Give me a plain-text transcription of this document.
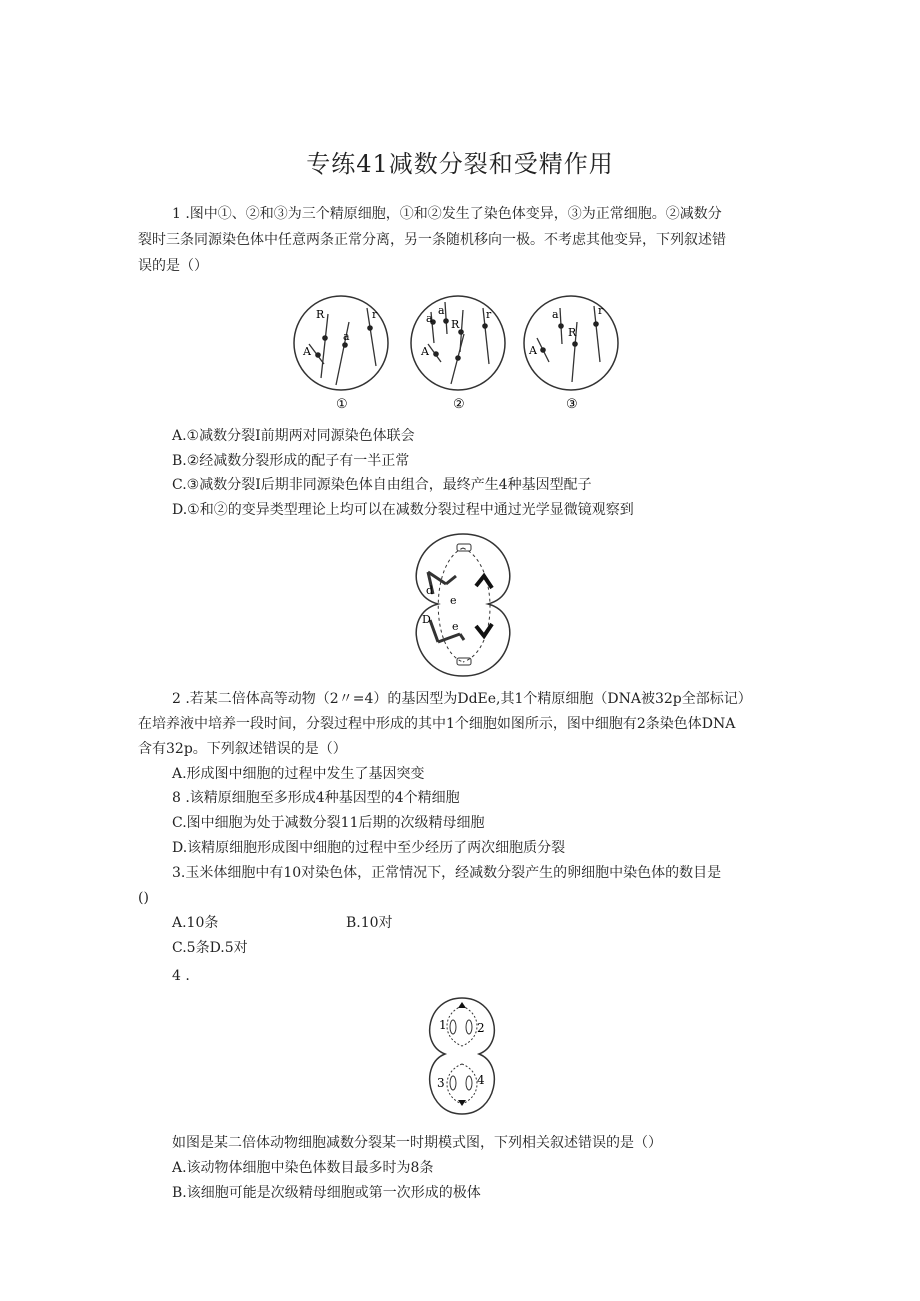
专练41减数分裂和受精作用
1 .图中①、②和③为三个精原细胞，①和②发生了染色体变异，③为正常细胞。②减数分
裂时三条同源染色体中任意两条正常分离，另一条随机移向一极。不考虑其他变异，下列叙述错
误的是（）
R
A
a
r	a
a
R
A
r	a
R
A
r
①	②	③
A.①减数分裂Ⅰ前期两对同源染色体联会
B.②经减数分裂形成的配子有一半正常
C.③减数分裂Ⅰ后期非同源染色体自由组合，最终产生4种基因型配子
D.①和②的变异类型理论上均可以在减数分裂过程中通过光学显微镜观察到
d
e
D
e
2 .若某二倍体高等动物（2〃=4）的基因型为DdEe,其1个精原细胞（DNA被32p全部标记）
在培养液中培养一段时间，分裂过程中形成的其中1个细胞如图所示，图中细胞有2条染色体DNA
含有32p。下列叙述错误的是（）
A.形成图中细胞的过程中发生了基因突变
8 .该精原细胞至多形成4种基因型的4个精细胞
C.图中细胞为处于减数分裂11后期的次级精母细胞
D.该精原细胞形成图中细胞的过程中至少经历了两次细胞质分裂
3.玉米体细胞中有10对染色体，正常情况下，经减数分裂产生的卵细胞中染色体的数目是
()
A.10条	B.10对
C.5条D.5对
4 .
1	2
3	4
如图是某二倍体动物细胞减数分裂某一时期模式图，下列相关叙述错误的是（）
A.该动物体细胞中染色体数目最多时为8条
B.该细胞可能是次级精母细胞或第一次形成的极体
